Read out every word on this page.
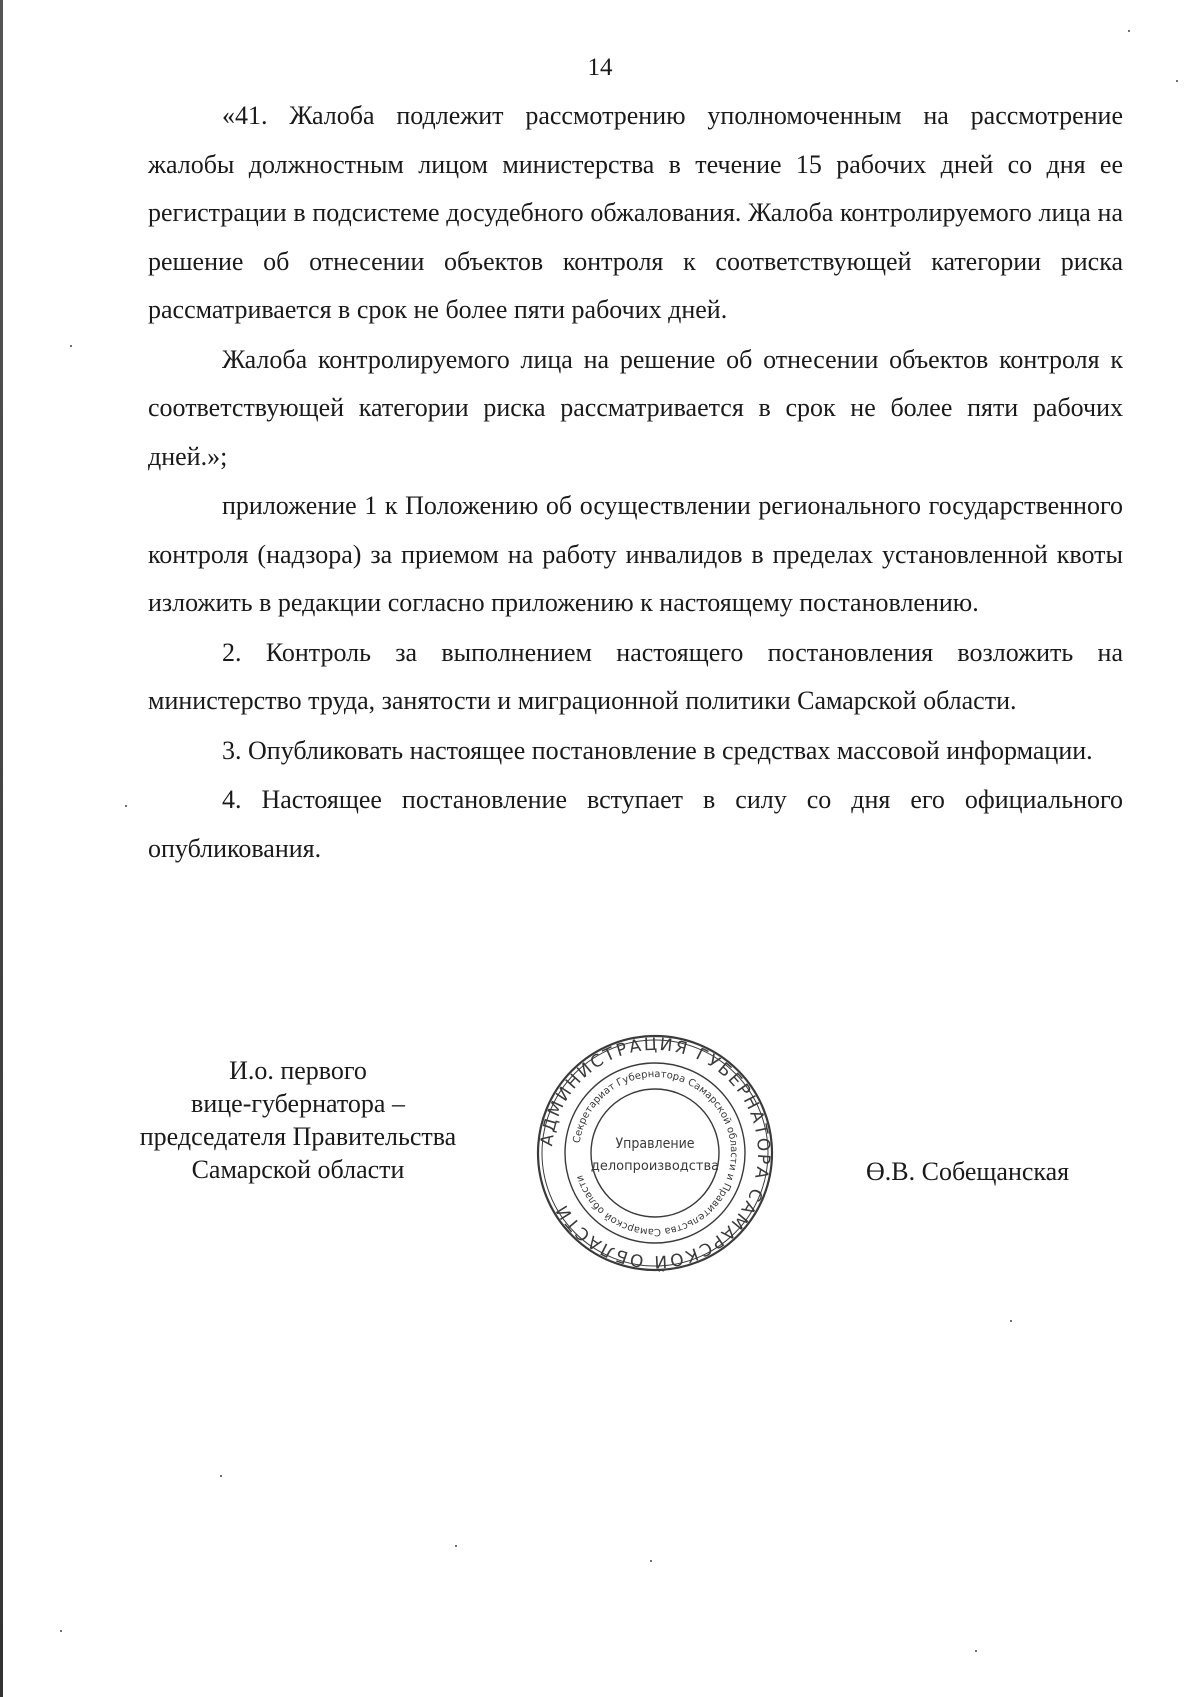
14

«41. Жалоба подлежит рассмотрению уполномоченным на рассмотрение жалобы должностным лицом министерства в течение 15 рабочих дней со дня ее регистрации в подсистеме досудебного обжалования. Жалоба контролируемого лица на решение об отнесении объектов контроля к соответствующей категории риска рассматривается в срок не более пяти рабочих дней.

Жалоба контролируемого лица на решение об отнесении объектов контроля к соответствующей категории риска рассматривается в срок не более пяти рабочих дней.»;

приложение 1 к Положению об осуществлении регионального государственного контроля (надзора) за приемом на работу инвалидов в пределах установленной квоты изложить в редакции согласно приложению к настоящему постановлению.

2. Контроль за выполнением настоящего постановления возложить на министерство труда, занятости и миграционной политики Самарской области.

3. Опубликовать настоящее постановление в средствах массовой информации.

4. Настоящее постановление вступает в силу со дня его официального опубликования.

И.о. первого
вице-губернатора –
председателя Правительства
Самарской области
АДМИНИСТРАЦИЯ ГУБЕРНАТОРА САМАРСКОЙ ОБЛАСТИ
Секретариат Губернатора Самарской области и Правительства Самарской области
Управление
делопроизводства	Ө.В. Собещанская
